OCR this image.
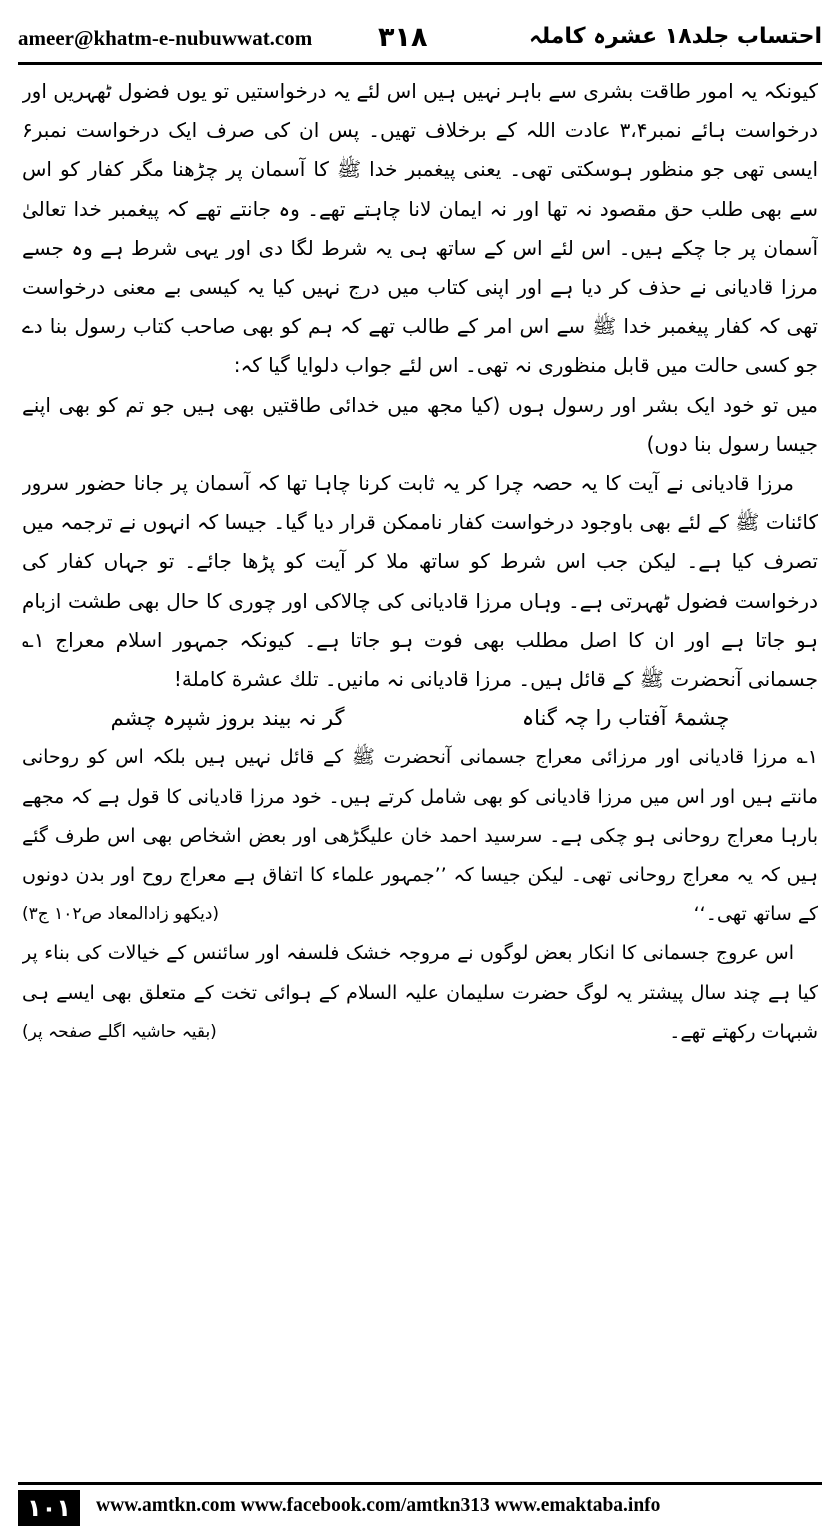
ameer@khatm-e-nubuwwat.com ۳۱۸	احتساب جلد۱۸ عشرہ کاملہ

کیونکہ یہ امور طاقت بشری سے باہر نہیں ہیں اس لئے یہ درخواستیں تو یوں فضول ٹھہریں اور درخواست ہائے نمبر۳،۴ عادت اللہ کے برخلاف تھیں۔ پس ان کی صرف ایک درخواست نمبر۶ ایسی تھی جو منظور ہوسکتی تھی۔ یعنی پیغمبر خدا ﷺ کا آسمان پر چڑھنا مگر کفار کو اس سے بھی طلب حق مقصود نہ تھا اور نہ ایمان لانا چاہتے تھے۔ وہ جانتے تھے کہ پیغمبر خدا تعالیٰ آسمان پر جا چکے ہیں۔ اس لئے اس کے ساتھ ہی یہ شرط لگا دی اور یہی شرط ہے وہ جسے مرزا قادیانی نے حذف کر دیا ہے اور اپنی کتاب میں درج نہیں کیا یہ کیسی بے معنی درخواست تھی کہ کفار پیغمبر خدا ﷺ سے اس امر کے طالب تھے کہ ہم کو بھی صاحب کتاب رسول بنا دے جو کسی حالت میں قابل منظوری نہ تھی۔ اس لئے جواب دلوایا گیا کہ:

میں تو خود ایک بشر اور رسول ہوں (کیا مجھ میں خدائی طاقتیں بھی ہیں جو تم کو بھی اپنے جیسا رسول بنا دوں)

مرزا قادیانی نے آیت کا یہ حصہ چرا کر یہ ثابت کرنا چاہا تھا کہ آسمان پر جانا حضور سرور کائنات ﷺ کے لئے بھی باوجود درخواست کفار ناممکن قرار دیا گیا۔ جیسا کہ انہوں نے ترجمہ میں تصرف کیا ہے۔ لیکن جب اس شرط کو ساتھ ملا کر آیت کو پڑھا جائے۔ تو جہاں کفار کی درخواست فضول ٹھہرتی ہے۔ وہاں مرزا قادیانی کی چالاکی اور چوری کا حال بھی طشت ازبام ہو جاتا ہے اور ان کا اصل مطلب بھی فوت ہو جاتا ہے۔ کیونکہ جمہور اسلام معراج ۱؎ جسمانی آنحضرت ﷺ کے قائل ہیں۔ مرزا قادیانی نہ مانیں۔ تلك عشرة كاملة!

چشمۂ آفتاب را چہ گناہ
گر نہ بیند بروز شپرہ چشم

۱؎ مرزا قادیانی اور مرزائی معراج جسمانی آنحضرت ﷺ کے قائل نہیں ہیں بلکہ اس کو روحانی مانتے ہیں اور اس میں مرزا قادیانی کو بھی شامل کرتے ہیں۔ خود مرزا قادیانی کا قول ہے کہ مجھے بارہا معراج روحانی ہو چکی ہے۔ سرسید احمد خان علیگڑھی اور بعض اشخاص بھی اس طرف گئے ہیں کہ یہ معراج روحانی تھی۔ لیکن جیسا کہ ’’جمہور علماء کا اتفاق ہے معراج روح اور بدن دونوں کے ساتھ تھی۔‘‘
(دیکھو زادالمعاد ص۱۰۲ ج۳)

اس عروج جسمانی کا انکار بعض لوگوں نے مروجہ خشک فلسفہ اور سائنس کے خیالات کی بناء پر کیا ہے چند سال پیشتر یہ لوگ حضرت سلیمان علیہ السلام کے ہوائی تخت کے متعلق بھی ایسے ہی شبہات رکھتے تھے۔
(بقیہ حاشیہ اگلے صفحہ پر)

۱۰۱	www.amtkn.com www.facebook.com/amtkn313 www.emaktaba.info
